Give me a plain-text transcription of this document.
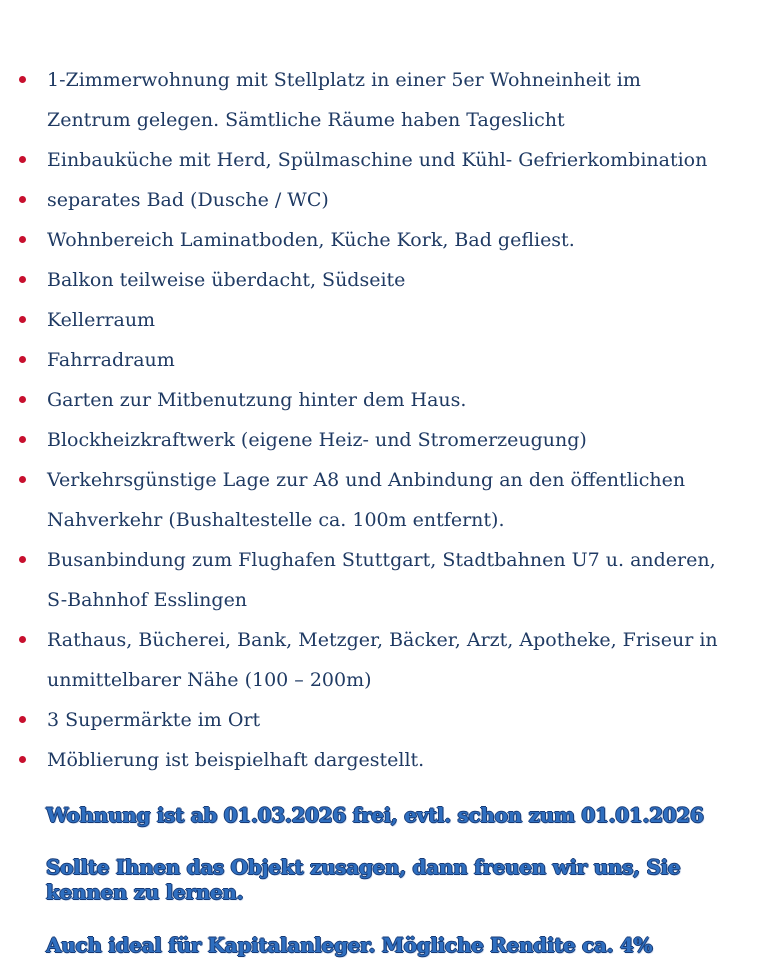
1-Zimmerwohnung mit Stellplatz in einer 5er Wohneinheit im
Zentrum gelegen. Sämtliche Räume haben Tageslicht
Einbauküche mit Herd, Spülmaschine und Kühl- Gefrierkombination
separates Bad (Dusche / WC)
Wohnbereich Laminatboden, Küche Kork, Bad gefliest.
Balkon teilweise überdacht, Südseite
Kellerraum
Fahrradraum
Garten zur Mitbenutzung hinter dem Haus.
Blockheizkraftwerk (eigene Heiz- und Stromerzeugung)
Verkehrsgünstige Lage zur A8 und Anbindung an den öffentlichen
Nahverkehr (Bushaltestelle ca. 100m entfernt).
Busanbindung zum Flughafen Stuttgart, Stadtbahnen U7 u. anderen,
S-Bahnhof Esslingen
Rathaus, Bücherei, Bank, Metzger, Bäcker, Arzt, Apotheke, Friseur in
unmittelbarer Nähe (100 – 200m)
3 Supermärkte im Ort
Möblierung ist beispielhaft dargestellt.

Wohnung ist ab 01.03.2026 frei, evtl. schon zum 01.01.2026

Sollte Ihnen das Objekt zusagen, dann freuen wir uns, Sie kennen zu lernen.

Auch ideal für Kapitalanleger. Mögliche Rendite ca. 4%
